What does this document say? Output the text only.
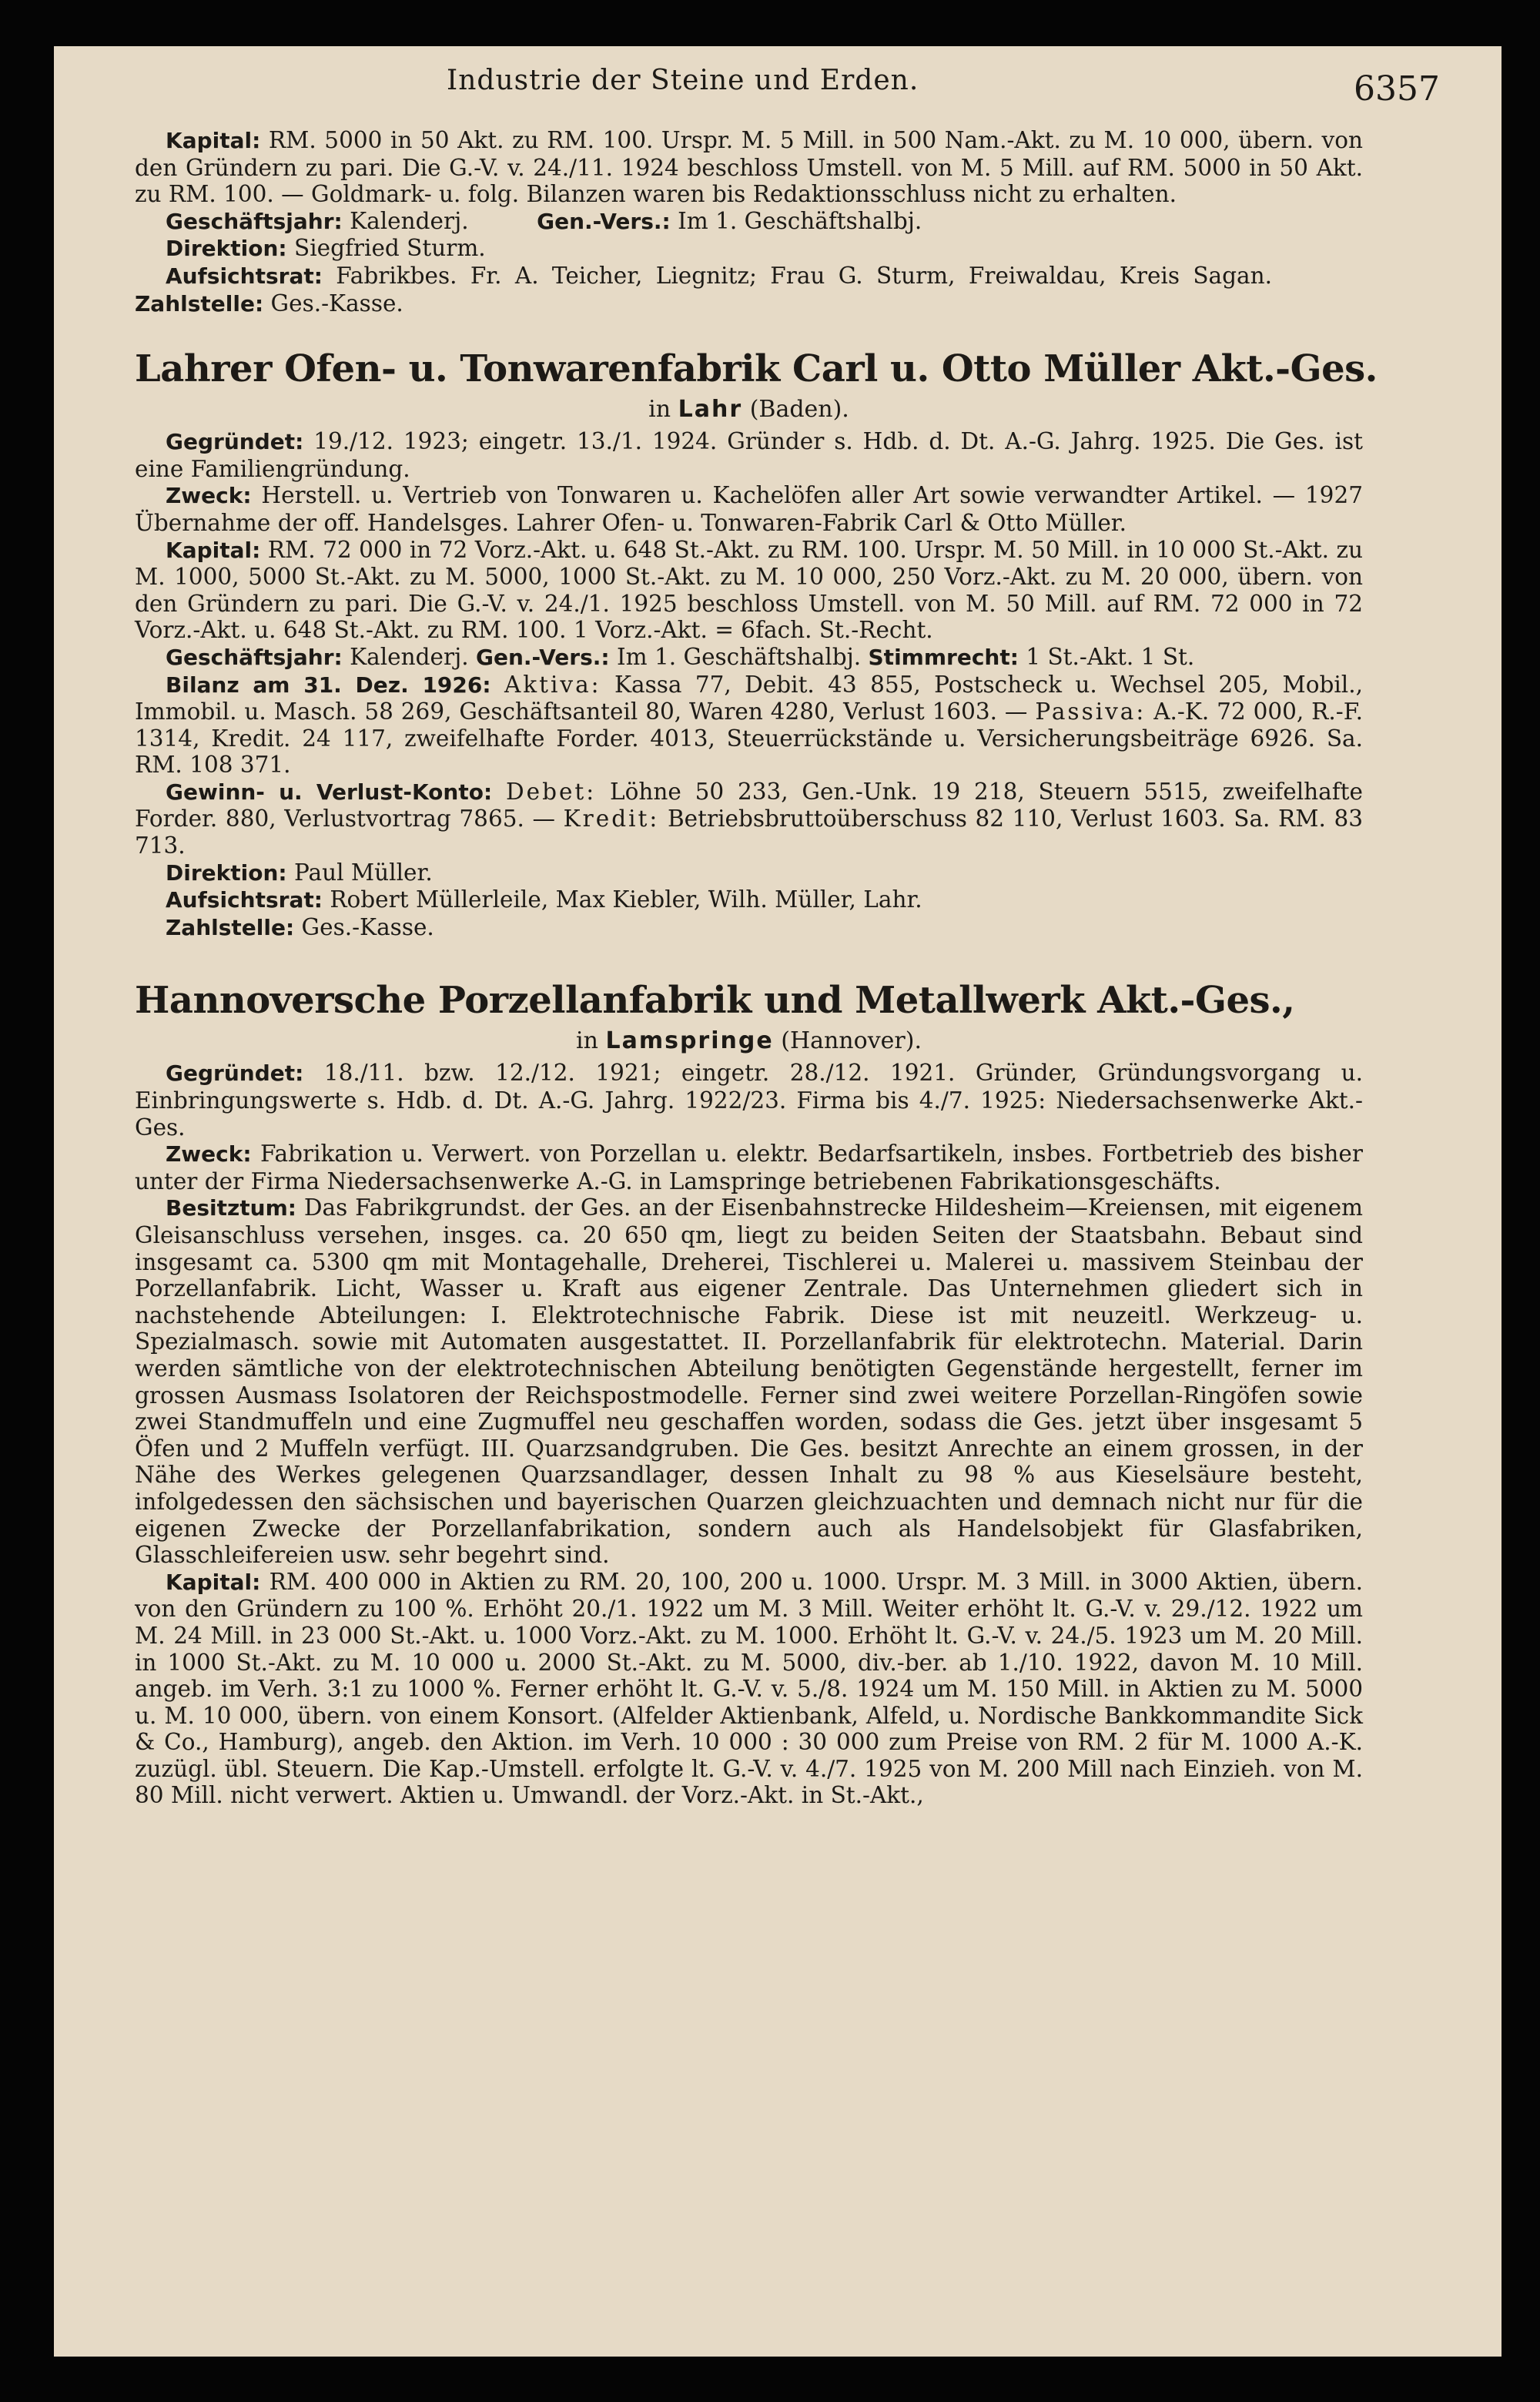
Industrie der Steine und Erden.	6357

Kapital: RM. 5000 in 50 Akt. zu RM. 100. Urspr. M. 5 Mill. in 500 Nam.-Akt. zu M. 10 000, übern. von den Gründern zu pari. Die G.-V. v. 24./11. 1924 beschloss Umstell. von M. 5 Mill. auf RM. 5000 in 50 Akt. zu RM. 100. — Goldmark- u. folg. Bilanzen waren bis Redaktionsschluss nicht zu erhalten.

Geschäftsjahr: Kalenderj.   	Gen.-Vers.: Im 1. Geschäftshalbj.

Direktion: Siegfried Sturm.

Aufsichtsrat: Fabrikbes. Fr. A. Teicher, Liegnitz; Frau G. Sturm, Freiwaldau, Kreis Sagan.    Zahlstelle: Ges.-Kasse.

Lahrer Ofen- u. Tonwarenfabrik Carl u. Otto Müller Akt.-Ges.
in Lahr (Baden).

Gegründet: 19./12. 1923; eingetr. 13./1. 1924. Gründer s. Hdb. d. Dt. A.-G. Jahrg. 1925. Die Ges. ist eine Familiengründung.

Zweck: Herstell. u. Vertrieb von Tonwaren u. Kachelöfen aller Art sowie verwandter Artikel. — 1927 Übernahme der off. Handelsges. Lahrer Ofen- u. Tonwaren-Fabrik Carl & Otto Müller.

Kapital: RM. 72 000 in 72 Vorz.-Akt. u. 648 St.-Akt. zu RM. 100. Urspr. M. 50 Mill. in 10 000 St.-Akt. zu M. 1000, 5000 St.-Akt. zu M. 5000, 1000 St.-Akt. zu M. 10 000, 250 Vorz.-Akt. zu M. 20 000, übern. von den Gründern zu pari. Die G.-V. v. 24./1. 1925 beschloss Umstell. von M. 50 Mill. auf RM. 72 000 in 72 Vorz.-Akt. u. 648 St.-Akt. zu RM. 100. 1 Vorz.-Akt. = 6fach. St.-Recht.

Geschäftsjahr: Kalenderj. Gen.-Vers.: Im 1. Geschäftshalbj. Stimmrecht: 1 St.-Akt. 1 St.

Bilanz am 31. Dez. 1926: Aktiva: Kassa 77, Debit. 43 855, Postscheck u. Wechsel 205, Mobil., Immobil. u. Masch. 58 269, Geschäftsanteil 80, Waren 4280, Verlust 1603. — Passiva: A.-K. 72 000, R.-F. 1314, Kredit. 24 117, zweifelhafte Forder. 4013, Steuerrückstände u. Versicherungsbeiträge 6926. Sa. RM. 108 371.

Gewinn- u. Verlust-Konto: Debet: Löhne 50 233, Gen.-Unk. 19 218, Steuern 5515, zweifelhafte Forder. 880, Verlustvortrag 7865. — Kredit: Betriebsbruttoüberschuss 82 110, Verlust 1603. Sa. RM. 83 713.

Direktion: Paul Müller.

Aufsichtsrat: Robert Müllerleile, Max Kiebler, Wilh. Müller, Lahr.

Zahlstelle: Ges.-Kasse.

Hannoversche Porzellanfabrik und Metallwerk Akt.-Ges.,
in Lamspringe (Hannover).

Gegründet: 18./11. bzw. 12./12. 1921; eingetr. 28./12. 1921. Gründer, Gründungsvorgang u. Einbringungswerte s. Hdb. d. Dt. A.-G. Jahrg. 1922/23. Firma bis 4./7. 1925: Niedersachsenwerke Akt.-Ges.

Zweck: Fabrikation u. Verwert. von Porzellan u. elektr. Bedarfsartikeln, insbes. Fortbetrieb des bisher unter der Firma Niedersachsenwerke A.-G. in Lamspringe betriebenen Fabrikationsgeschäfts.

Besitztum: Das Fabrikgrundst. der Ges. an der Eisenbahnstrecke Hildesheim—Kreiensen, mit eigenem Gleisanschluss versehen, insges. ca. 20 650 qm, liegt zu beiden Seiten der Staatsbahn. Bebaut sind insgesamt ca. 5300 qm mit Montagehalle, Dreherei, Tischlerei u. Malerei u. massivem Steinbau der Porzellanfabrik. Licht, Wasser u. Kraft aus eigener Zentrale. Das Unternehmen gliedert sich in nachstehende Abteilungen: I. Elektrotechnische Fabrik. Diese ist mit neuzeitl. Werkzeug- u. Spezialmasch. sowie mit Automaten ausgestattet. II. Porzellanfabrik für elektrotechn. Material. Darin werden sämtliche von der elektrotechnischen Abteilung benötigten Gegenstände hergestellt, ferner im grossen Ausmass Isolatoren der Reichspostmodelle. Ferner sind zwei weitere Porzellan-Ringöfen sowie zwei Standmuffeln und eine Zugmuffel neu geschaffen worden, sodass die Ges. jetzt über insgesamt 5 Öfen und 2 Muffeln verfügt. III. Quarzsandgruben. Die Ges. besitzt Anrechte an einem grossen, in der Nähe des Werkes gelegenen Quarzsandlager, dessen Inhalt zu 98 % aus Kieselsäure besteht, infolgedessen den sächsischen und bayerischen Quarzen gleichzuachten und demnach nicht nur für die eigenen Zwecke der Porzellanfabrikation, sondern auch als Handelsobjekt für Glasfabriken, Glasschleifereien usw. sehr begehrt sind.

Kapital: RM. 400 000 in Aktien zu RM. 20, 100, 200 u. 1000. Urspr. M. 3 Mill. in 3000 Aktien, übern. von den Gründern zu 100 %. Erhöht 20./1. 1922 um M. 3 Mill. Weiter erhöht lt. G.-V. v. 29./12. 1922 um M. 24 Mill. in 23 000 St.-Akt. u. 1000 Vorz.-Akt. zu M. 1000. Erhöht lt. G.-V. v. 24./5. 1923 um M. 20 Mill. in 1000 St.-Akt. zu M. 10 000 u. 2000 St.-Akt. zu M. 5000, div.-ber. ab 1./10. 1922, davon M. 10 Mill. angeb. im Verh. 3:1 zu 1000 %. Ferner erhöht lt. G.-V. v. 5./8. 1924 um M. 150 Mill. in Aktien zu M. 5000 u. M. 10 000, übern. von einem Konsort. (Alfelder Aktienbank, Alfeld, u. Nordische Bankkommandite Sick & Co., Hamburg), angeb. den Aktion. im Verh. 10 000 : 30 000 zum Preise von RM. 2 für M. 1000 A.-K. zuzügl. übl. Steuern. Die Kap.-Umstell. erfolgte lt. G.-V. v. 4./7. 1925 von M. 200 Mill nach Einzieh. von M. 80 Mill. nicht verwert. Aktien u. Umwandl. der Vorz.-Akt. in St.-Akt.,
